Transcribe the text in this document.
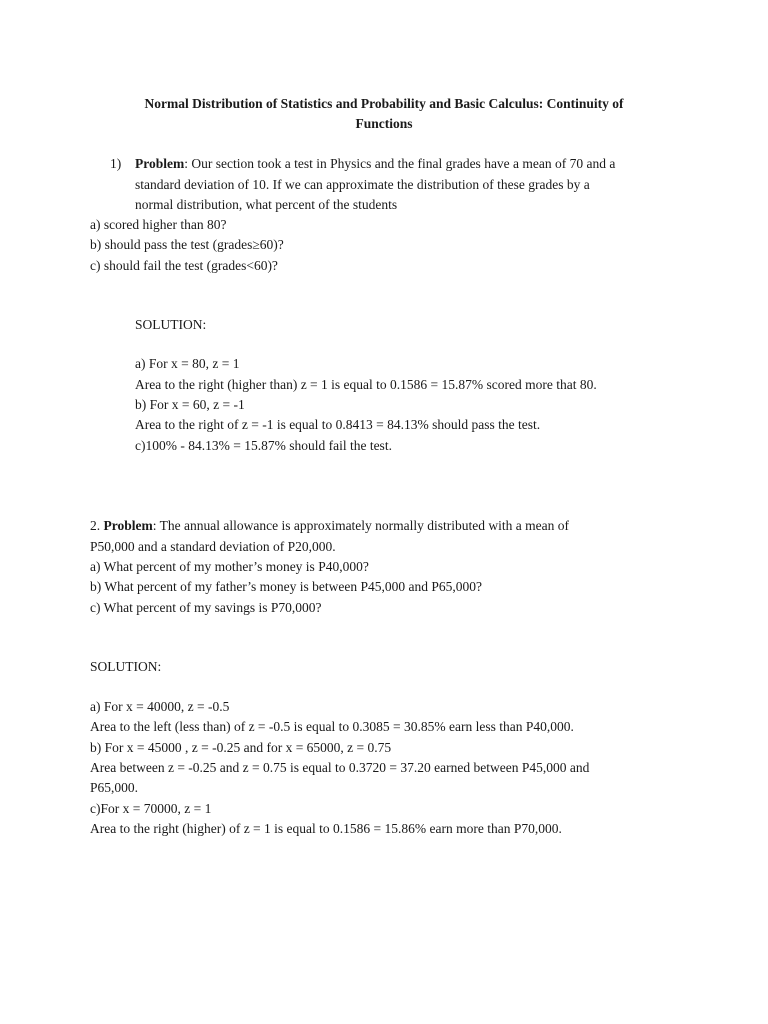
Normal Distribution of Statistics and Probability and Basic Calculus: Continuity of
Functions
1) Problem: Our section took a test in Physics and the final grades have a mean of 70 and a
standard deviation of 10. If we can approximate the distribution of these grades by a
normal distribution, what percent of the students
a) scored higher than 80?
b) should pass the test (grades≥60)?
c) should fail the test (grades<60)?
SOLUTION:
a) For x = 80, z = 1
Area to the right (higher than) z = 1 is equal to 0.1586 = 15.87% scored more that 80.
b) For x = 60, z = -1
Area to the right of z = -1 is equal to 0.8413 = 84.13% should pass the test.
c)100% - 84.13% = 15.87% should fail the test.
2. Problem: The annual allowance is approximately normally distributed with a mean of
P50,000 and a standard deviation of P20,000.
a) What percent of my mother’s money is P40,000?
b) What percent of my father’s money is between P45,000 and P65,000?
c) What percent of my savings is P70,000?
SOLUTION:
a) For x = 40000, z = -0.5
Area to the left (less than) of z = -0.5 is equal to 0.3085 = 30.85% earn less than P40,000.
b) For x = 45000 , z = -0.25 and for x = 65000, z = 0.75
Area between z = -0.25 and z = 0.75 is equal to 0.3720 = 37.20 earned between P45,000 and
P65,000.
c)For x = 70000, z = 1
Area to the right (higher) of z = 1 is equal to 0.1586 = 15.86% earn more than P70,000.
